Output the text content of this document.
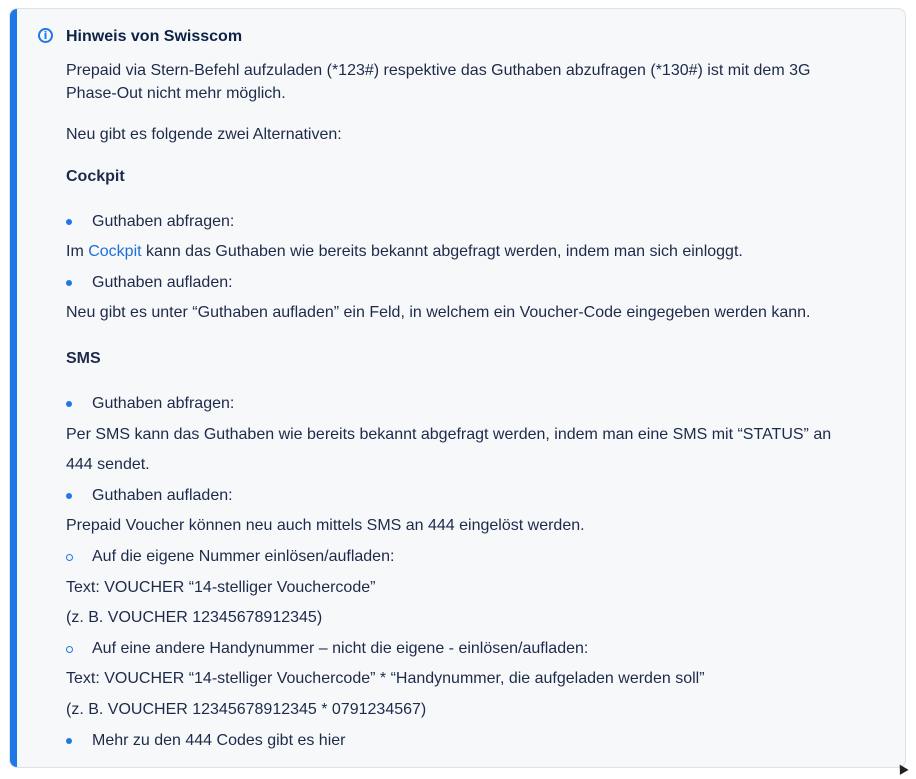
i	Hinweis von Swisscom
Prepaid via Stern-Befehl aufzuladen (*123#) respektive das Guthaben abzufragen (*130#) ist mit dem 3G
Phase-Out nicht mehr möglich.
Neu gibt es folgende zwei Alternativen:
Cockpit
Guthaben abfragen:
Im Cockpit kann das Guthaben wie bereits bekannt abgefragt werden, indem man sich einloggt.
Guthaben aufladen:
Neu gibt es unter “Guthaben aufladen” ein Feld, in welchem ein Voucher-Code eingegeben werden kann.
SMS
Guthaben abfragen:
Per SMS kann das Guthaben wie bereits bekannt abgefragt werden, indem man eine SMS mit “STATUS” an
444 sendet.
Guthaben aufladen:
Prepaid Voucher können neu auch mittels SMS an 444 eingelöst werden.
Auf die eigene Nummer einlösen/aufladen:
Text: VOUCHER “14-stelliger Vouchercode”
(z. B. VOUCHER 12345678912345)
Auf eine andere Handynummer – nicht die eigene - einlösen/aufladen:
Text: VOUCHER “14-stelliger Vouchercode” * “Handynummer, die aufgeladen werden soll”
(z. B. VOUCHER 12345678912345 * 0791234567)
Mehr zu den 444 Codes gibt es hier
